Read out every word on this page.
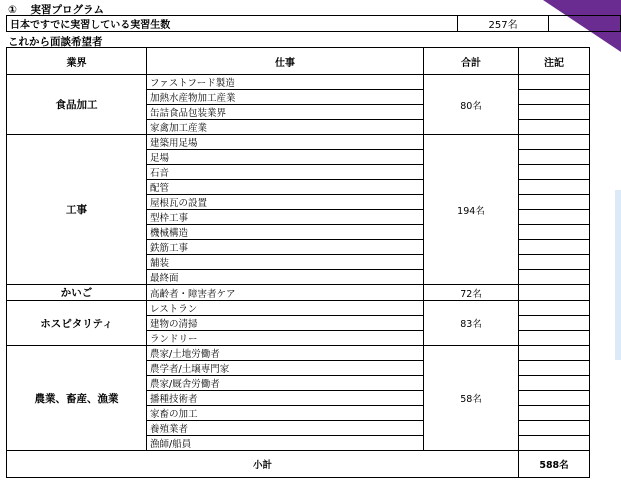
① 実習プログラム
日本ですでに実習している実習生数	257名	
これから面談希望者
業界	仕事	合計	注記
食品加工	ファストフード製造	80名	
	加熱水産物加工産業		
	缶詰食品包装業界		
	家禽加工産業		
工事	建築用足場	194名	
	足場		
	石音		
	配管		
	屋根瓦の設置		
	型枠工事		
	機械構造		
	鉄筋工事		
	舗装		
	最終面		
かいご	高齢者・障害者ケア	72名	
ホスピタリティ	レストラン	83名	
	建物の清掃		
	ランドリー		
農業、畜産、漁業	農家/土地労働者	58名	
	農学者/土壌専門家		
	農家/厩舎労働者		
	播種技術者		
	家畜の加工		
	養殖業者		
	漁師/船員		
小計			588名
